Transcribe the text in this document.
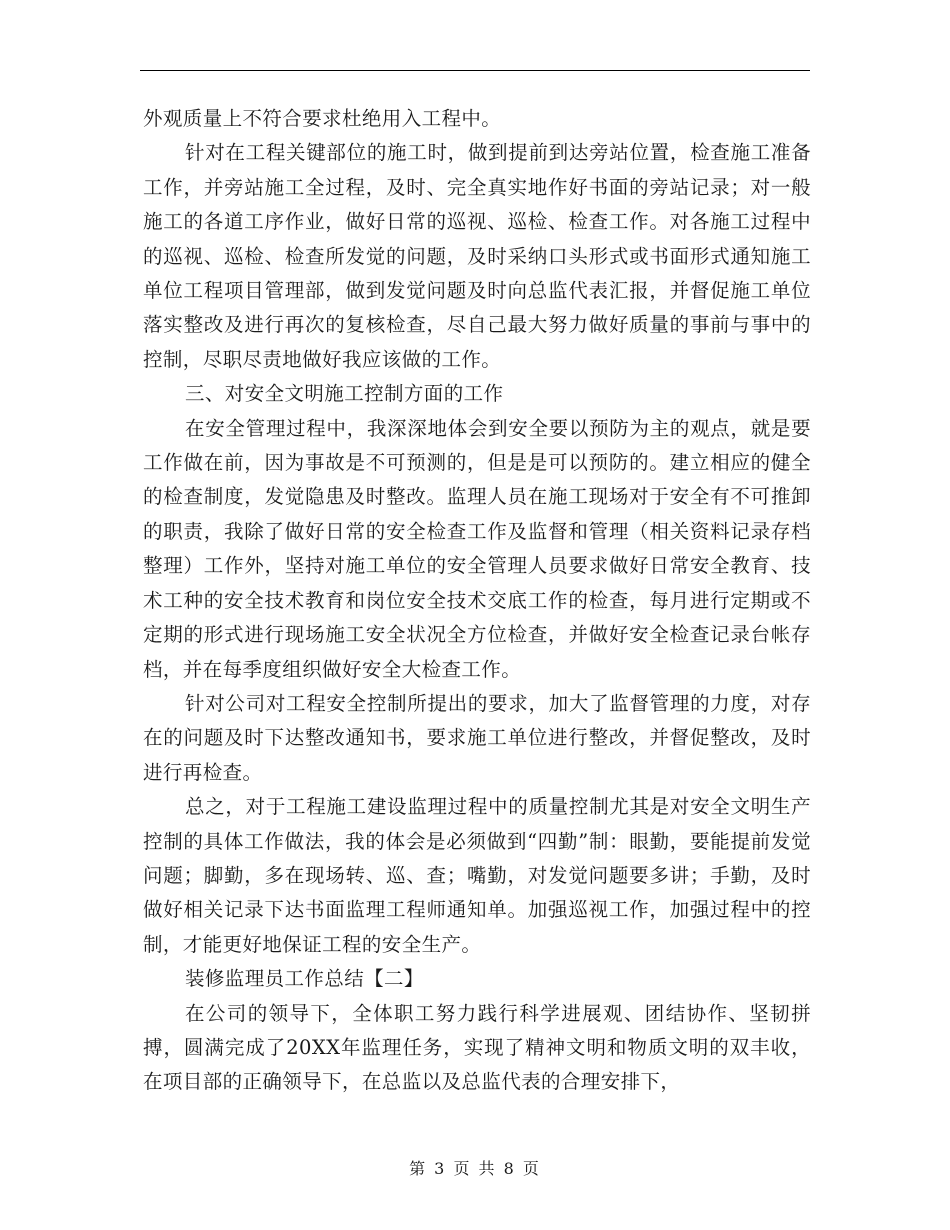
外观质量上不符合要求杜绝用入工程中。

针对在工程关键部位的施工时，做到提前到达旁站位置，检查施工准备工作，并旁站施工全过程，及时、完全真实地作好书面的旁站记录；对一般施工的各道工序作业，做好日常的巡视、巡检、检查工作。对各施工过程中的巡视、巡检、检查所发觉的问题，及时采纳口头形式或书面形式通知施工单位工程项目管理部，做到发觉问题及时向总监代表汇报，并督促施工单位落实整改及进行再次的复核检查，尽自己最大努力做好质量的事前与事中的控制，尽职尽责地做好我应该做的工作。

三、对安全文明施工控制方面的工作

在安全管理过程中，我深深地体会到安全要以预防为主的观点，就是要工作做在前，因为事故是不可预测的，但是是可以预防的。建立相应的健全的检查制度，发觉隐患及时整改。监理人员在施工现场对于安全有不可推卸的职责，我除了做好日常的安全检查工作及监督和管理（相关资料记录存档整理）工作外，坚持对施工单位的安全管理人员要求做好日常安全教育、技术工种的安全技术教育和岗位安全技术交底工作的检查，每月进行定期或不定期的形式进行现场施工安全状况全方位检查，并做好安全检查记录台帐存档，并在每季度组织做好安全大检查工作。

针对公司对工程安全控制所提出的要求，加大了监督管理的力度，对存在的问题及时下达整改通知书，要求施工单位进行整改，并督促整改，及时进行再检查。

总之，对于工程施工建设监理过程中的质量控制尤其是对安全文明生产控制的具体工作做法，我的体会是必须做到“四勤”制：眼勤，要能提前发觉问题；脚勤，多在现场转、巡、查；嘴勤，对发觉问题要多讲；手勤，及时做好相关记录下达书面监理工程师通知单。加强巡视工作，加强过程中的控制，才能更好地保证工程的安全生产。

装修监理员工作总结【二】

在公司的领导下，全体职工努力践行科学进展观、团结协作、坚韧拼搏，圆满完成了20XX年监理任务，实现了精神文明和物质文明的双丰收，在项目部的正确领导下，在总监以及总监代表的合理安排下，

第 3 页 共 8 页
